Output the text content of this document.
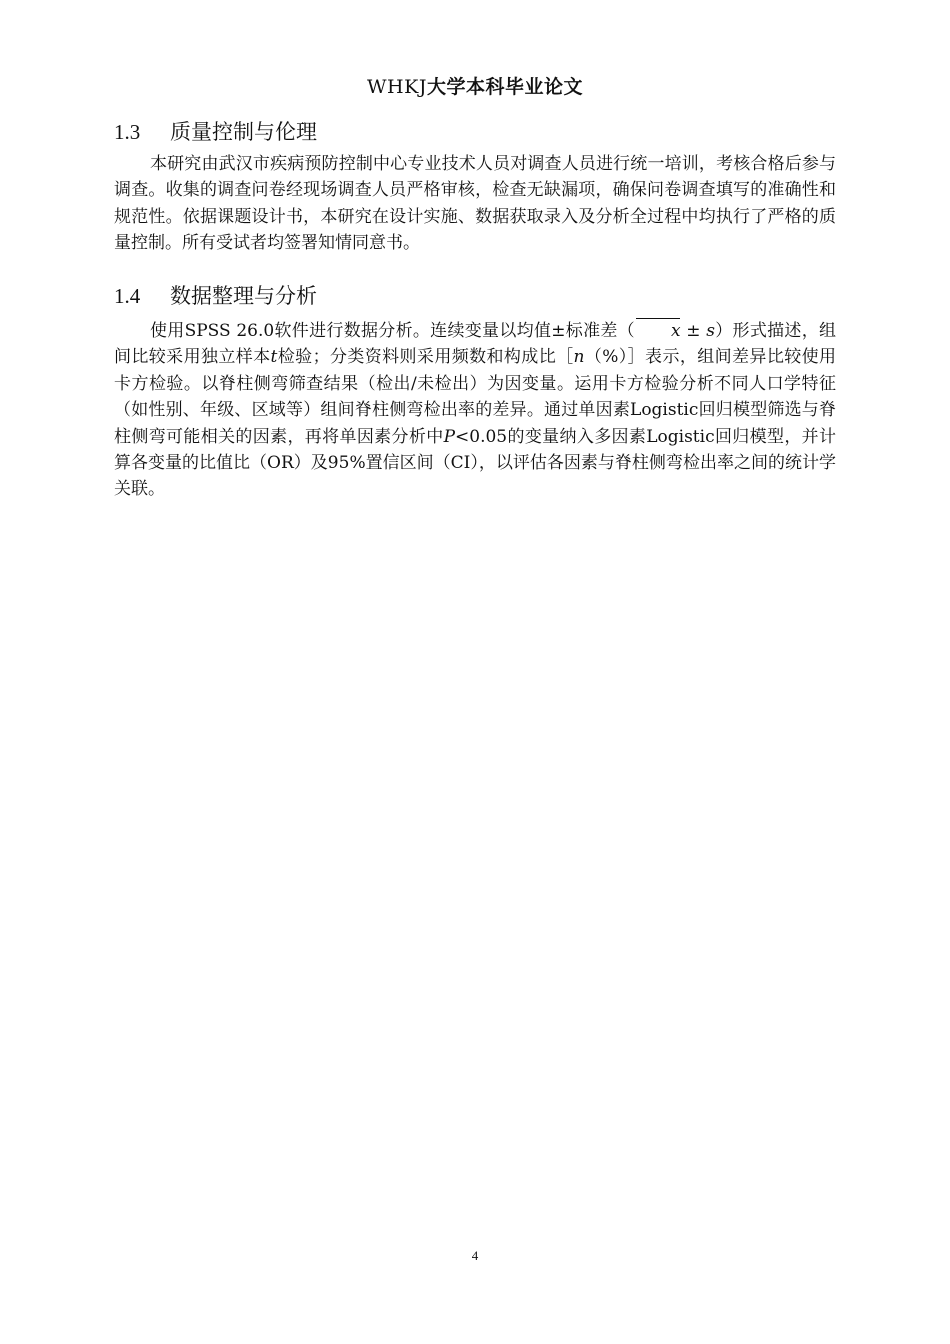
WHKJ大学本科毕业论文
1.3 质量控制与伦理

本研究由武汉市疾病预防控制中心专业技术人员对调查人员进行统一培训，考核合格后参与调查。收集的调查问卷经现场调查人员严格审核，检查无缺漏项，确保问卷调查填写的准确性和规范性。依据课题设计书，本研究在设计实施、数据获取录入及分析全过程中均执行了严格的质量控制。所有受试者均签署知情同意书。

1.4 数据整理与分析

使用SPSS 26.0软件进行数据分析。连续变量以均值±标准差（ x ± s）形式描述，组间比较采用独立样本t检验；分类资料则采用频数和构成比［n（%）］表示，组间差异比较使用卡方检验。以脊柱侧弯筛查结果（检出/未检出）为因变量。运用卡方检验分析不同人口学特征（如性别、年级、区域等）组间脊柱侧弯检出率的差异。通过单因素Logistic回归模型筛选与脊柱侧弯可能相关的因素，再将单因素分析中P<0.05的变量纳入多因素Logistic回归模型，并计算各变量的比值比（OR）及95%置信区间（CI），以评估各因素与脊柱侧弯检出率之间的统计学关联。

4
